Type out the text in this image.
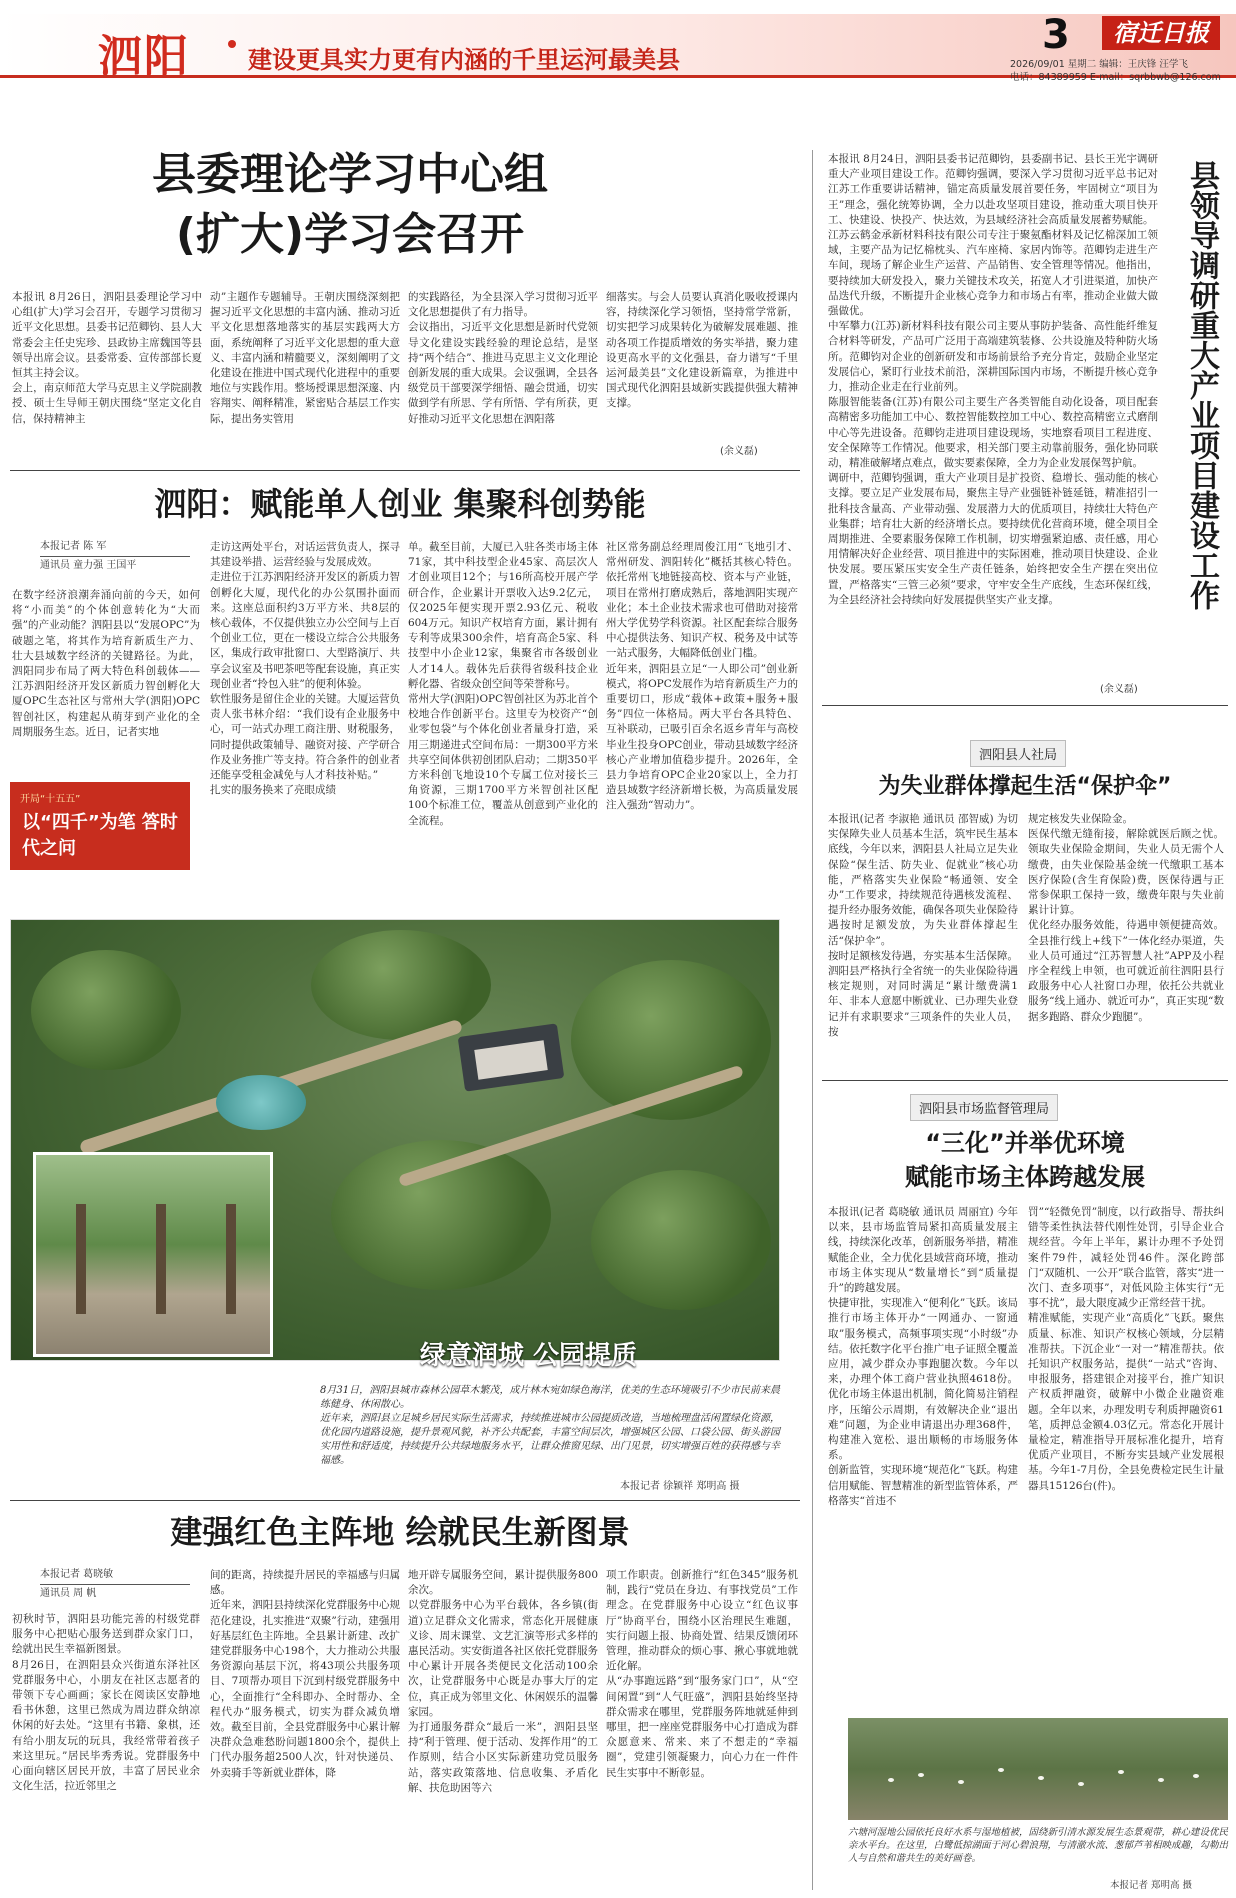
泗阳 建设更具实力更有内涵的千里运河最美县
3	宿迁日报
2026/09/01 星期二 编辑：王庆锋 汪学飞
电话：84389959 E-mail：sqrbbwb@126.com
县委理论学习中心组
(扩大)学习会召开
本报讯 8月26日，泗阳县委理论学习中心组(扩大)学习会召开，专题学习贯彻习近平文化思想。县委书记范卿钧、县人大常委会主任史宪珍、县政协主席魏国等县领导出席会议。县委常委、宣传部部长夏恒其主持会议。
会上，南京师范大学马克思主义学院副教授、硕士生导师王朝庆围绕“坚定文化自信，保持精神主
动”主题作专题辅导。王朝庆围绕深刻把握习近平文化思想的丰富内涵、推动习近平文化思想落地落实的基层实践两大方面，系统阐释了习近平文化思想的重大意义、丰富内涵和精髓要义，深刻阐明了文化建设在推进中国式现代化进程中的重要地位与实践作用。整场授课思想深邃、内容翔实、阐释精准，紧密贴合基层工作实际，提出务实管用
的实践路径，为全县深入学习贯彻习近平文化思想提供了有力指导。
会议指出，习近平文化思想是新时代党领导文化建设实践经验的理论总结，是坚持“两个结合”、推进马克思主义文化理论创新发展的重大成果。会议强调，全县各级党员干部要深学细悟、融会贯通，切实做到学有所思、学有所悟、学有所获，更好推动习近平文化思想在泗阳落
细落实。与会人员要认真消化吸收授课内容，持续深化学习领悟，坚持常学常新，切实把学习成果转化为破解发展难题、推动各项工作提质增效的务实举措，聚力建设更高水平的文化强县，奋力谱写“千里运河最美县”文化建设新篇章，为推进中国式现代化泗阳县域新实践提供强大精神支撑。
(余义磊)
泗阳：赋能单人创业 集聚科创势能
本报记者 陈 军
通讯员 童力强 王国平
在数字经济浪潮奔涌向前的今天，如何将“小而美”的个体创意转化为“大而强”的产业动能？泗阳县以“发展OPC”为破题之笔，将其作为培育新质生产力、壮大县域数字经济的关键路径。为此，泗阳同步布局了两大特色科创载体——江苏泗阳经济开发区新质力智创孵化大厦OPC生态社区与常州大学(泗阳)OPC智创社区，构建起从萌芽到产业化的全周期服务生态。近日，记者实地
开局“十五五”
以“四千”为笔 答时代之问
走访这两处平台，对话运营负责人，探寻其建设举措、运营经验与发展成效。
走进位于江苏泗阳经济开发区的新质力智创孵化大厦，现代化的办公氛围扑面而来。这座总面积约3万平方米、共8层的核心载体，不仅提供独立办公空间与上百个创业工位，更在一楼设立综合公共服务区，集成行政审批窗口、大型路演厅、共享会议室及书吧茶吧等配套设施，真正实现创业者“拎包入驻”的便利体验。
软性服务是留住企业的关键。大厦运营负责人张书林介绍：“我们设有企业服务中心，可一站式办理工商注册、财税服务，同时提供政策辅导、融资对接、产学研合作及业务推广等支持。符合条件的创业者还能享受租金减免与人才科技补贴。”
扎实的服务换来了亮眼成绩
单。截至目前，大厦已入驻各类市场主体71家，其中科技型企业45家、高层次人才创业项目12个；与16所高校开展产学研合作，企业累计开票收入达9.2亿元，仅2025年便实现开票2.93亿元、税收604万元。知识产权培育方面，累计拥有专利等成果300余件，培育高企5家、科技型中小企业12家，集聚省市各级创业人才14人。载体先后获得省级科技企业孵化器、省级众创空间等荣誉称号。
常州大学(泗阳)OPC智创社区为苏北首个校地合作创新平台。这里专为校资产“创业零包袋”与个体化创业者量身打造，采用三期递进式空间布局：一期300平方米共享空间体供初创团队启动；二期350平方米科创飞地设10个专属工位对接长三角资源，三期1700平方米智创社区配100个标准工位，覆盖从创意到产业化的全流程。
社区常务副总经理周俊江用“飞地引才、常州研发、泗阳转化”概括其核心特色。依托常州飞地链接高校、资本与产业链，项目在常州打磨成熟后，落地泗阳实现产业化；本土企业技术需求也可借助对接常州大学优势学科资源。社区配套综合服务中心提供法务、知识产权、税务及中试等一站式服务，大幅降低创业门槛。
近年来，泗阳县立足“一人即公司”创业新模式，将OPC发展作为培育新质生产力的重要切口，形成“载体+政策+服务+服务”四位一体格局。两大平台各具特色、互补联动，已吸引百余名返乡青年与高校毕业生投身OPC创业，带动县域数字经济核心产业增加值稳步提升。2026年，全县力争培育OPC企业20家以上，全力打造县域数字经济新增长极，为高质量发展注入强劲“智动力”。
绿意润城 公园提质
8月31日，泗阳县城市森林公园草木繁茂，成片林木宛如绿色海洋，优美的生态环境吸引不少市民前来晨练健身、休闲散心。
近年来，泗阳县立足城乡居民实际生活需求，持续推进城市公园提质改造，当地梳理盘活闲置绿化资源，优化园内道路设施，提升景观风貌，补齐公共配套，丰富空间层次，增强城区公园、口袋公园、街头游园实用性和舒适度，持续提升公共绿地服务水平，让群众推窗见绿、出门见景，切实增强百姓的获得感与幸福感。
本报记者 徐颖祥 郑明高 摄
建强红色主阵地 绘就民生新图景
本报记者 葛晓敏
通讯员 周 帆
初秋时节，泗阳县功能完善的村级党群服务中心把贴心服务送到群众家门口，绘就出民生幸福新图景。
8月26日，在泗阳县众兴街道东泽社区党群服务中心，小朋友在社区志愿者的带领下专心画画；家长在阅读区安静地看书休憩，这里已然成为周边群众纳凉休闲的好去处。“这里有书籍、象棋，还有给小朋友玩的玩具，我经常带着孩子来这里玩。”居民毕秀秀说。党群服务中心面向辖区居民开放，丰富了居民业余文化生活，拉近邻里之
间的距离，持续提升居民的幸福感与归属感。
近年来，泗阳县持续深化党群服务中心规范化建设，扎实推进“双聚”行动，建强用好基层红色主阵地。全县累计新建、改扩建党群服务中心198个，大力推动公共服务资源向基层下沉，将43项公共服务项目、7项帮办项目下沉到村级党群服务中心，全面推行“全科即办、全时帮办、全程代办”服务模式，切实为群众减负增效。截至目前，全县党群服务中心累计解决群众急难愁盼问题1800余个，提供上门代办服务超2500人次，针对快递员、外卖骑手等新就业群体，降
地开辟专属服务空间，累计提供服务800余次。
以党群服务中心为平台载体，各乡镇(街道)立足群众文化需求，常态化开展健康义诊、周末课堂、文艺汇演等形式多样的惠民活动。实安街道各社区依托党群服务中心累计开展各类便民文化活动100余次，让党群服务中心既是办事大厅的定位，真正成为邻里文化、休闲娱乐的温馨家园。
为打通服务群众“最后一米”，泗阳县坚持“利于管理、便于活动、发挥作用”的工作原则，结合小区实际新建功党员服务站，落实政策落地、信息收集、矛盾化解、扶危助困等六
项工作职责。创新推行“红色345”服务机制，践行“党员在身边、有事找党员”工作理念。在党群服务中心设立“红色议事厅”协商平台，围绕小区治理民生难题，实行问题上报、协商处置、结果反馈闭环管理，推动群众的烦心事、揪心事就地就近化解。
从“办事跑远路”到“服务家门口”，从“空间闲置”到“人气旺盛”，泗阳县始终坚持群众需求在哪里，党群服务阵地就延伸到哪里，把一座座党群服务中心打造成为群众愿意来、常来、来了不想走的“幸福圈”，党建引领凝聚力，向心力在一件件民生实事中不断彰显。
本报讯 8月24日，泗阳县委书记范卿钧，县委副书记、县长王光宇调研重大产业项目建设工作。范卿钧强调，要深入学习贯彻习近平总书记对江苏工作重要讲话精神，锚定高质量发展首要任务，牢固树立“项目为王”理念，强化统筹协调，全力以赴攻坚项目建设，推动重大项目快开工、快建设、快投产、快达效，为县域经济社会高质量发展蓄势赋能。
江苏云鹤金承新材料科技有限公司专注于聚氨酯材料及记忆棉深加工领域，主要产品为记忆棉枕头、汽车座椅、家居内饰等。范卿钧走进生产车间，现场了解企业生产运营、产品销售、安全管理等情况。他指出，要持续加大研发投入，聚力关键技术攻关，拓宽人才引进渠道，加快产品迭代升级，不断提升企业核心竞争力和市场占有率，推动企业做大做强做优。
中军攀力(江苏)新材料科技有限公司主要从事防护装备、高性能纤维复合材料等研发，产品可广泛用于高端建筑装修、公共设施及特种防火场所。范卿钧对企业的创新研发和市场前景给予充分肯定，鼓励企业坚定发展信心，紧盯行业技术前沿，深耕国际国内市场，不断提升核心竞争力，推动企业走在行业前列。
陈服智能装备(江苏)有限公司主要生产各类智能自动化设备，项目配套高精密多功能加工中心、数控智能数控加工中心、数控高精密立式磨削中心等先进设备。范卿钧走进项目建设现场，实地察看项目工程进度、安全保障等工作情况。他要求，相关部门要主动靠前服务，强化协同联动，精准破解堵点难点，做实要素保障，全力为企业发展保驾护航。
调研中，范卿钧强调，重大产业项目是扩投资、稳增长、强动能的核心支撑。要立足产业发展布局，聚焦主导产业强链补链延链，精准招引一批科技含量高、产业带动强、发展潜力大的优质项目，持续壮大特色产业集群；培育壮大新的经济增长点。要持续优化营商环境，健全项目全周期推进、全要素服务保障工作机制，切实增强紧迫感、责任感，用心用情解决好企业经营、项目推进中的实际困难，推动项目快建设、企业快发展。要压紧压实安全生产责任链条，始终把安全生产摆在突出位置，严格落实“三管三必须”要求，守牢安全生产底线，生态环保红线，为全县经济社会持续向好发展提供坚实产业支撑。
(余义磊)
县领导调研重大产业项目建设工作
泗阳县人社局
为失业群体撑起生活“保护伞”
本报讯(记者 李淑艳 通讯员 邵智威) 为切实保障失业人员基本生活，筑牢民生基本底线，今年以来，泗阳县人社局立足失业保险“保生活、防失业、促就业”核心功能，严格落实失业保险“畅通领、安全办”工作要求，持续规范待遇核发流程、提升经办服务效能，确保各项失业保险待遇按时足额发放，为失业群体撑起生活“保护伞”。
按时足额核发待遇，夯实基本生活保障。泗阳县严格执行全省统一的失业保险待遇核定规则，对同时满足“累计缴费满1年、非本人意愿中断就业、已办理失业登记并有求职要求”三项条件的失业人员，按
规定核发失业保险金。
医保代缴无缝衔接，解除就医后顾之忧。领取失业保险金期间，失业人员无需个人缴费，由失业保险基金统一代缴职工基本医疗保险(含生育保险)费，医保待遇与正常参保职工保持一致，缴费年限与失业前累计计算。
优化经办服务效能，待遇申领便捷高效。全县推行线上+线下”一体化经办渠道，失业人员可通过“江苏智慧人社”APP及小程序全程线上申领，也可就近前往泗阳县行政服务中心人社窗口办理，依托公共就业服务“线上通办、就近可办”，真正实现“数据多跑路、群众少跑腿”。
泗阳县市场监督管理局
“三化”并举优环境
赋能市场主体跨越发展
本报讯(记者 葛晓敏 通讯员 周丽宜) 今年以来，县市场监管局紧扣高质量发展主线，持续深化改革，创新服务举措，精准赋能企业，全力优化县域营商环境，推动市场主体实现从“数量增长”到“质量提升”的跨越发展。
快捷审批，实现准入“便利化”飞跃。该局推行市场主体开办“一网通办、一窗通取”服务模式，高频事项实现“小时级”办结。依托数字化平台推广电子证照全覆盖应用，减少群众办事跑腿次数。今年以来，办理个体工商户营业执照4618份。优化市场主体退出机制，简化简易注销程序，压缩公示周期，有效解决企业“退出难”问题，为企业申请退出办理368件，构建准入宽松、退出顺畅的市场服务体系。
创新监管，实现环境“规范化”飞跃。构建信用赋能、智慧精准的新型监管体系，严格落实“首违不
罚”“轻微免罚”制度，以行政指导、帮扶纠错等柔性执法替代刚性处罚，引导企业合规经营。今年上半年，累计办理不予处罚案件79件，减轻处罚46件。深化跨部门“双随机、一公开”联合监管，落实“进一次门、查多项事”，对低风险主体实行“无事不扰”，最大限度减少正常经营干扰。
精准赋能，实现产业“高质化”飞跃。聚焦质量、标准、知识产权核心领域，分层精准帮扶。下沉企业“一对一”精准帮扶。依托知识产权服务站，提供“一站式”咨询、申报服务，搭建银企对接平台，推广知识产权质押融资，破解中小微企业融资难题。全年以来，办理发明专利质押融资61笔，质押总金额4.03亿元。常态化开展计量检定，精准指导开展标准化提升，培育优质产业项目，不断夯实县域产业发展根基。今年1-7月份，全县免费检定民生计量器具15126台(件)。
六塘河湿地公园依托良好水系与湿地植被，固绕新引清水源发展生态景观带，耕心建设优民亲水平台。在这里，白鹭低掠湖面于河心碧浪翔，与清澈水流、葱郁芦苇相映成趣，勾勒出人与自然和谐共生的美好画卷。
本报记者 郑明高 摄
